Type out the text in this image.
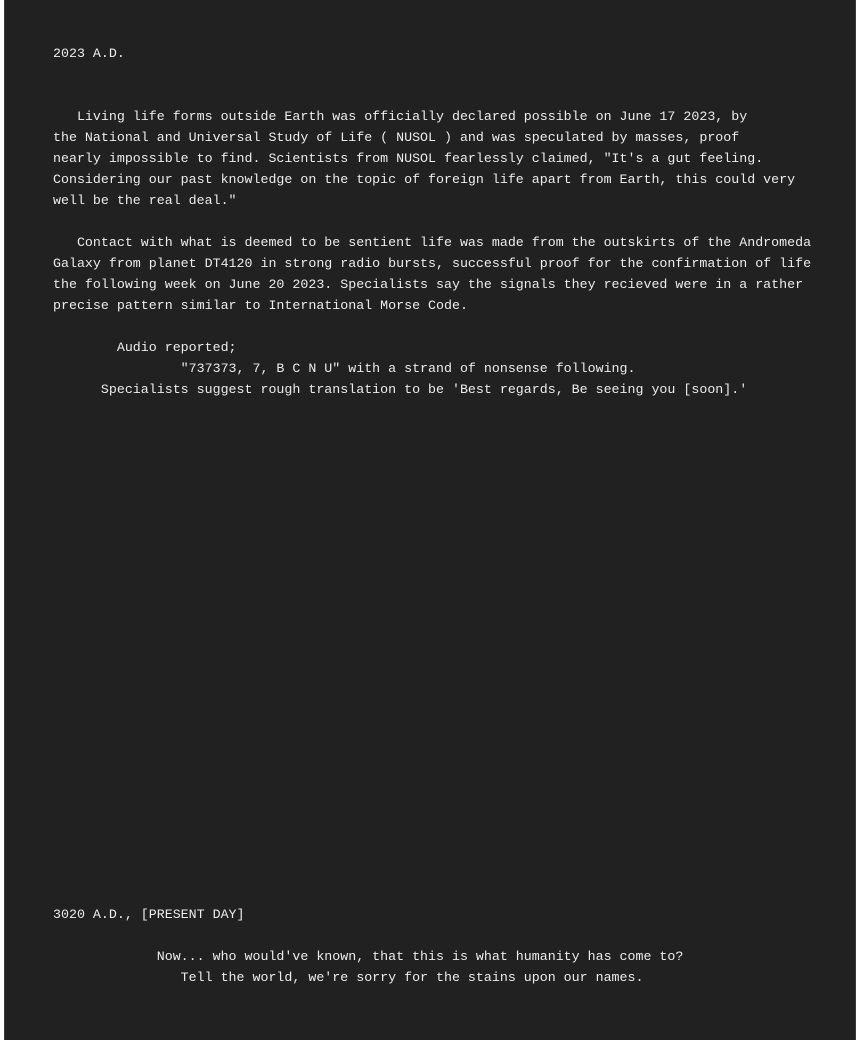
2023 A.D.

Living life forms outside Earth was officially declared possible on June 17 2023, by

the National and Universal Study of Life ( NUSOL ) and was speculated by masses, proof

nearly impossible to find. Scientists from NUSOL fearlessly claimed, "It's a gut feeling.

Considering our past knowledge on the topic of foreign life apart from Earth, this could very

well be the real deal."

Contact with what is deemed to be sentient life was made from the outskirts of the Andromeda

Galaxy from planet DT4120 in strong radio bursts, successful proof for the confirmation of life

the following week on June 20 2023. Specialists say the signals they recieved were in a rather

precise pattern similar to International Morse Code.

Audio reported;

"737373, 7, B C N U" with a strand of nonsense following.

Specialists suggest rough translation to be 'Best regards, Be seeing you [soon].'

3020 A.D., [PRESENT DAY]

Now... who would've known, that this is what humanity has come to?

Tell the world, we're sorry for the stains upon our names.
